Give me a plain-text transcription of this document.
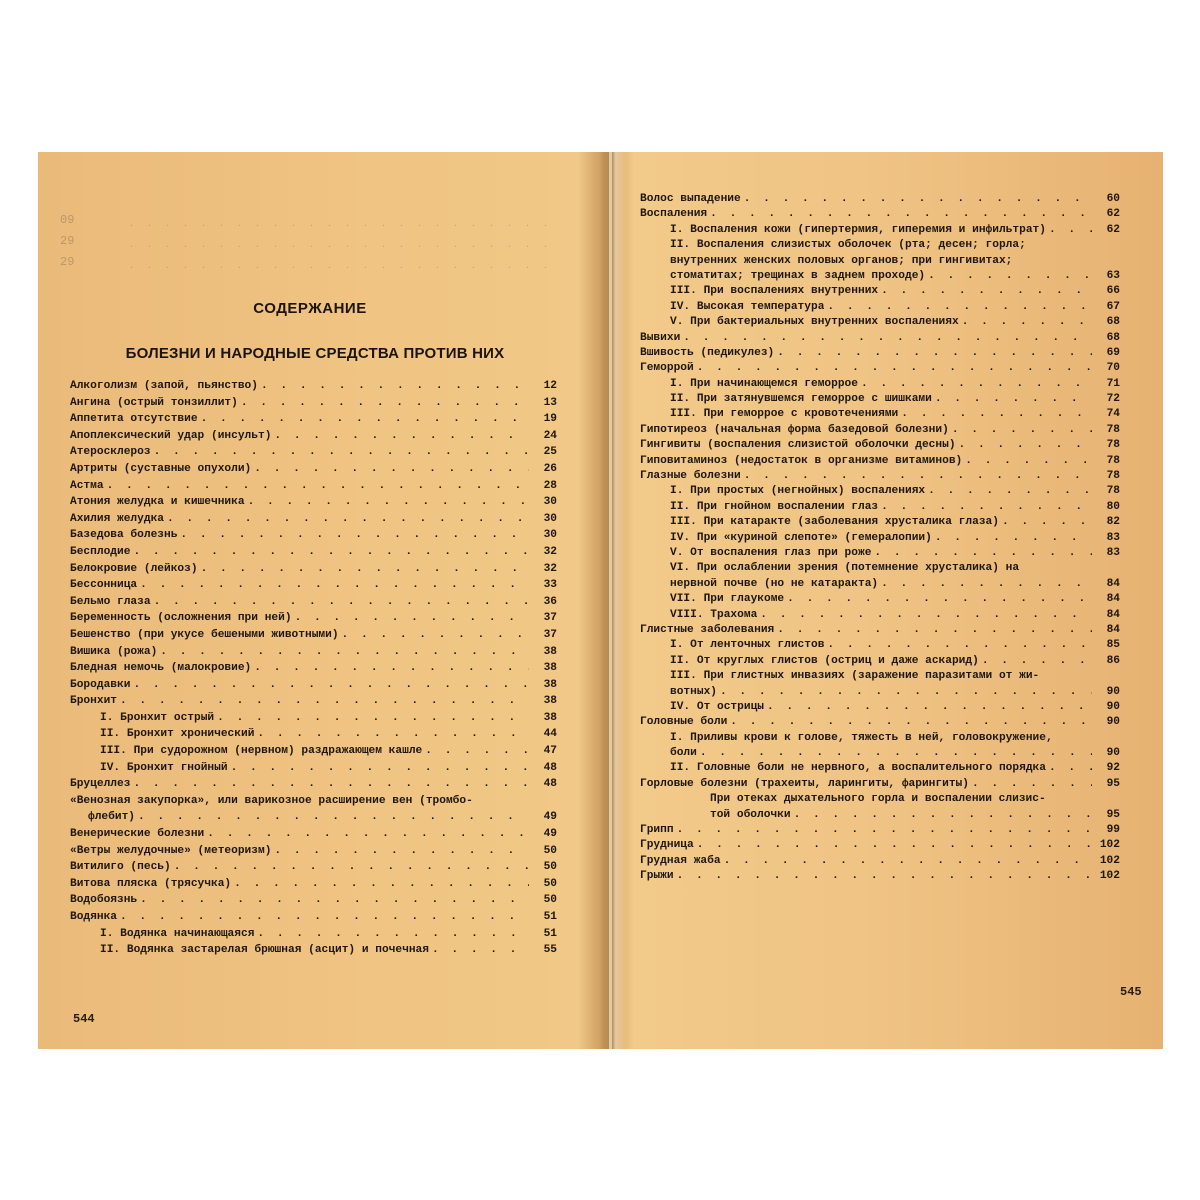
09
29
29
. . . . . . . . . . . . . . . . . . . . . . . .
. . . . . . . . . . . . . . . . . . . . . . . .
. . . . . . . . . . . . . . . . . . . . . . . .
СОДЕРЖАНИЕ
БОЛЕЗНИ И НАРОДНЫЕ СРЕДСТВА ПРОТИВ НИХ
Алкоголизм (запой, пьянство) . . .	12
Ангина (острый тонзиллит) . . .	13
Аппетита отсутствие . . .	19
Апоплексический удар (инсульт) . . .	24
Атеросклероз . . .	25
Артриты (суставные опухоли) . . .	26
Астма . . .	28
Атония желудка и кишечника . . .	30
Ахилия желудка . . .	30
Базедова болезнь . . .	30
Бесплодие . . .	32
Белокровие (лейкоз) . . .	32
Бессонница . . .	33
Бельмо глаза . . .	36
Беременность (осложнения при ней) . . .	37
Бешенство (при укусе бешеными животными) . . .	37
Вишика (рожа) . . .	38
Бледная немочь (малокровие) . . .	38
Бородавки . . .	38
Бронхит . . .	38
I. Бронхит острый . . .	38
II. Бронхит хронический . . .	44
III. При судорожном (нервном) раздражающем кашле . . .	47
IV. Бронхит гнойный . . .	48
Бруцеллез . . .	48
«Венозная закупорка», или варикозное расширение вен (тромбо-
флебит) . . .	49
Венерические болезни . . .	49
«Ветры желудочные» (метеоризм) . . .	50
Витилиго (песь) . . .	50
Витова пляска (трясучка) . . .	50
Водобоязнь . . .	50
Водянка . . .	51
I. Водянка начинающаяся . . .	51
II. Водянка застарелая брюшная (асцит) и почечная . . .	55
544
Волос выпадение . . .	60
Воспаления . . .	62
I. Воспаления кожи (гипертермия, гиперемия и инфильтрат) . . .	62
II. Воспаления слизистых оболочек (рта; десен; горла;
внутренних женских половых органов; при гингивитах;
стоматитах; трещинах в заднем проходе) . . .	63
III. При воспалениях внутренних . . .	66
IV. Высокая температура . . .	67
V. При бактериальных внутренних воспалениях . . .	68
Вывихи . . .	68
Вшивость (педикулез) . . .	69
Геморрой . . .	70
I. При начинающемся геморрое . . .	71
II. При затянувшемся геморрое с шишками . . .	72
III. При геморрое с кровотечениями . . .	74
Гипотиреоз (начальная форма базедовой болезни) . . .	78
Гингивиты (воспаления слизистой оболочки десны) . . .	78
Гиповитаминоз (недостаток в организме витаминов) . . .	78
Глазные болезни . . .	78
I. При простых (негнойных) воспалениях . . .	78
II. При гнойном воспалении глаз . . .	80
III. При катаракте (заболевания хрусталика глаза) . . .	82
IV. При «куриной слепоте» (гемералопии) . . .	83
V. От воспаления глаз при роже . . .	83
VI. При ослаблении зрения (потемнение хрусталика) на
нервной почве (но не катаракта) . . .	84
VII. При глаукоме . . .	84
VIII. Трахома . . .	84
Глистные заболевания . . .	84
I. От ленточных глистов . . .	85
II. От круглых глистов (остриц и даже аскарид) . . .	86
III. При глистных инвазиях (заражение паразитами от жи-
вотных) . . .	90
IV. От острицы . . .	90
Головные боли . . .	90
I. Приливы крови к голове, тяжесть в ней, головокружение,
боли . . .	90
II. Головные боли не нервного, а воспалительного порядка . . .	92
Горловые болезни (трахеиты, ларингиты, фарингиты) . . .	95
При отеках дыхательного горла и воспалении слизис-
той оболочки . . .	95
Грипп . . .	99
Грудница . . .	102
Грудная жаба . . .	102
Грыжи . . .	102
545
